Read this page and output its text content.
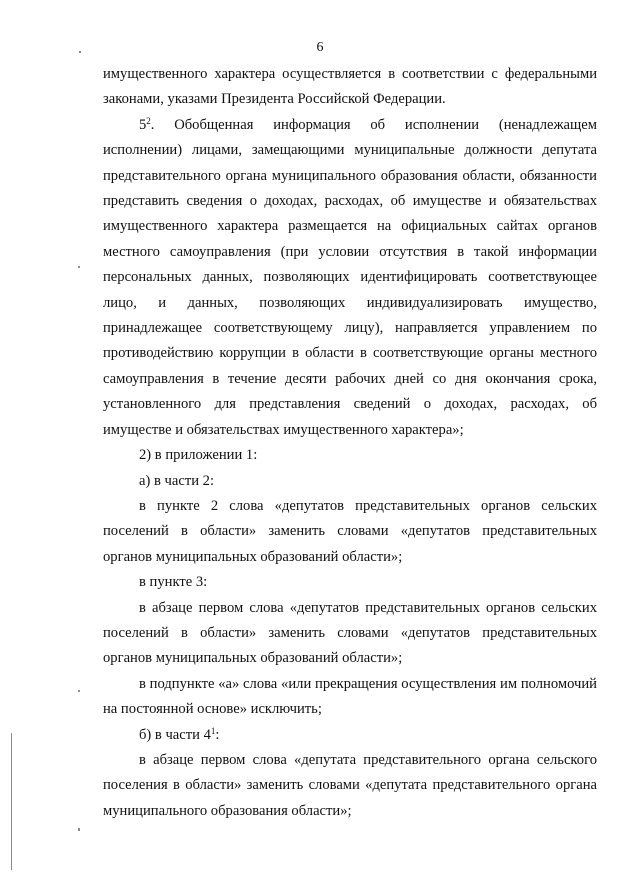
6

имущественного характера осуществляется в соответствии с федеральными законами, указами Президента Российской Федерации.

$5^2$. Обобщенная информация об исполнении (ненадлежащем исполнении) лицами, замещающими муниципальные должности депутата представительного органа муниципального образования области, обязанности представить сведения о доходах, расходах, об имуществе и обязательствах имущественного характера размещается на официальных сайтах органов местного самоуправления (при условии отсутствия в такой информации персональных данных, позволяющих идентифицировать соответствующее лицо, и данных, позволяющих индивидуализировать имущество, принадлежащее соответствующему лицу), направляется управлением по противодействию коррупции в области в соответствующие органы местного самоуправления в течение десяти рабочих дней со дня окончания срока, установленного для представления сведений о доходах, расходах, об имуществе и обязательствах имущественного характера»;

2) в приложении 1:

а) в части 2:

в пункте 2 слова «депутатов представительных органов сельских поселений в области» заменить словами «депутатов представительных органов муниципальных образований области»;

в пункте 3:

в абзаце первом слова «депутатов представительных органов сельских поселений в области» заменить словами «депутатов представительных органов муниципальных образований области»;

в подпункте «а» слова «или прекращения осуществления им полномочий на постоянной основе» исключить;

б) в части $4^1$:

в абзаце первом слова «депутата представительного органа сельского поселения в области» заменить словами «депутата представительного органа муниципального образования области»;
